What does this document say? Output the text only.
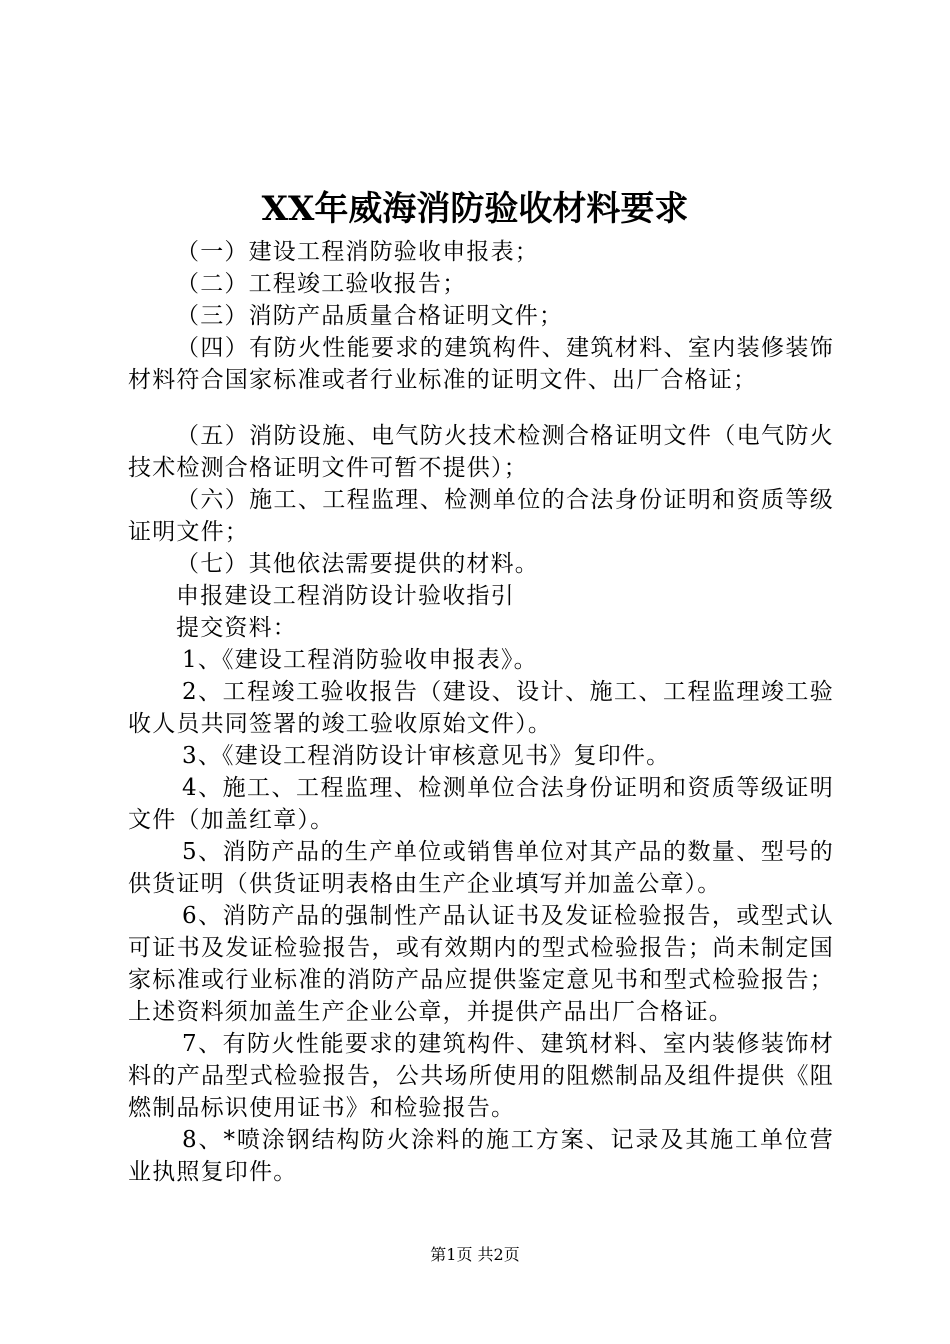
XX年威海消防验收材料要求

（一）建设工程消防验收申报表；

（二）工程竣工验收报告；

（三）消防产品质量合格证明文件；

（四）有防火性能要求的建筑构件、建筑材料、室内装修装饰材料符合国家标准或者行业标准的证明文件、出厂合格证；

（五）消防设施、电气防火技术检测合格证明文件（电气防火技术检测合格证明文件可暂不提供）；

（六）施工、工程监理、检测单位的合法身份证明和资质等级证明文件；

（七）其他依法需要提供的材料。

申报建设工程消防设计验收指引

提交资料：

1、《建设工程消防验收申报表》。

2、工程竣工验收报告（建设、设计、施工、工程监理竣工验收人员共同签署的竣工验收原始文件）。

3、《建设工程消防设计审核意见书》复印件。

4、施工、工程监理、检测单位合法身份证明和资质等级证明文件（加盖红章）。

5、消防产品的生产单位或销售单位对其产品的数量、型号的供货证明（供货证明表格由生产企业填写并加盖公章）。

6、消防产品的强制性产品认证书及发证检验报告，或型式认可证书及发证检验报告，或有效期内的型式检验报告；尚未制定国家标准或行业标准的消防产品应提供鉴定意见书和型式检验报告；上述资料须加盖生产企业公章，并提供产品出厂合格证。

7、有防火性能要求的建筑构件、建筑材料、室内装修装饰材料的产品型式检验报告，公共场所使用的阻燃制品及组件提供《阻燃制品标识使用证书》和检验报告。

8、*喷涂钢结构防火涂料的施工方案、记录及其施工单位营业执照复印件。

第1页 共2页
